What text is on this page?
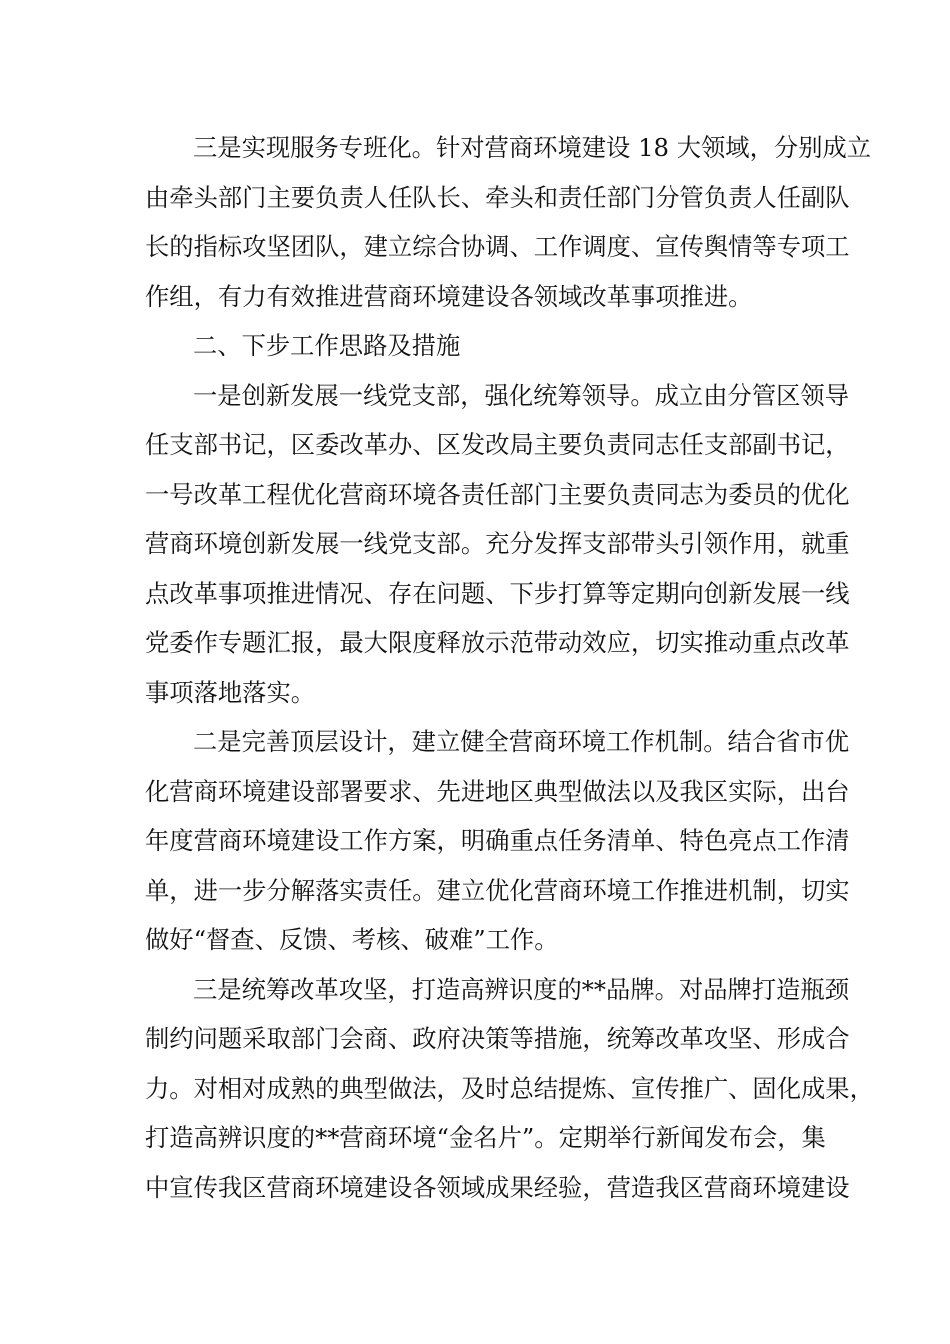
三是实现服务专班化。针对营商环境建设 18 大领域，分别成立
由牵头部门主要负责人任队长、牵头和责任部门分管负责人任副队
长的指标攻坚团队，建立综合协调、工作调度、宣传舆情等专项工
作组，有力有效推进营商环境建设各领域改革事项推进。
二、下步工作思路及措施
一是创新发展一线党支部，强化统筹领导。成立由分管区领导
任支部书记，区委改革办、区发改局主要负责同志任支部副书记，
一号改革工程优化营商环境各责任部门主要负责同志为委员的优化
营商环境创新发展一线党支部。充分发挥支部带头引领作用，就重
点改革事项推进情况、存在问题、下步打算等定期向创新发展一线
党委作专题汇报，最大限度释放示范带动效应，切实推动重点改革
事项落地落实。
二是完善顶层设计，建立健全营商环境工作机制。结合省市优
化营商环境建设部署要求、先进地区典型做法以及我区实际，出台
年度营商环境建设工作方案，明确重点任务清单、特色亮点工作清
单，进一步分解落实责任。建立优化营商环境工作推进机制，切实
做好“督查、反馈、考核、破难”工作。
三是统筹改革攻坚，打造高辨识度的**品牌。对品牌打造瓶颈
制约问题采取部门会商、政府决策等措施，统筹改革攻坚、形成合
力。对相对成熟的典型做法，及时总结提炼、宣传推广、固化成果，
打造高辨识度的**营商环境“金名片”。定期举行新闻发布会，集
中宣传我区营商环境建设各领域成果经验，营造我区营商环境建设
